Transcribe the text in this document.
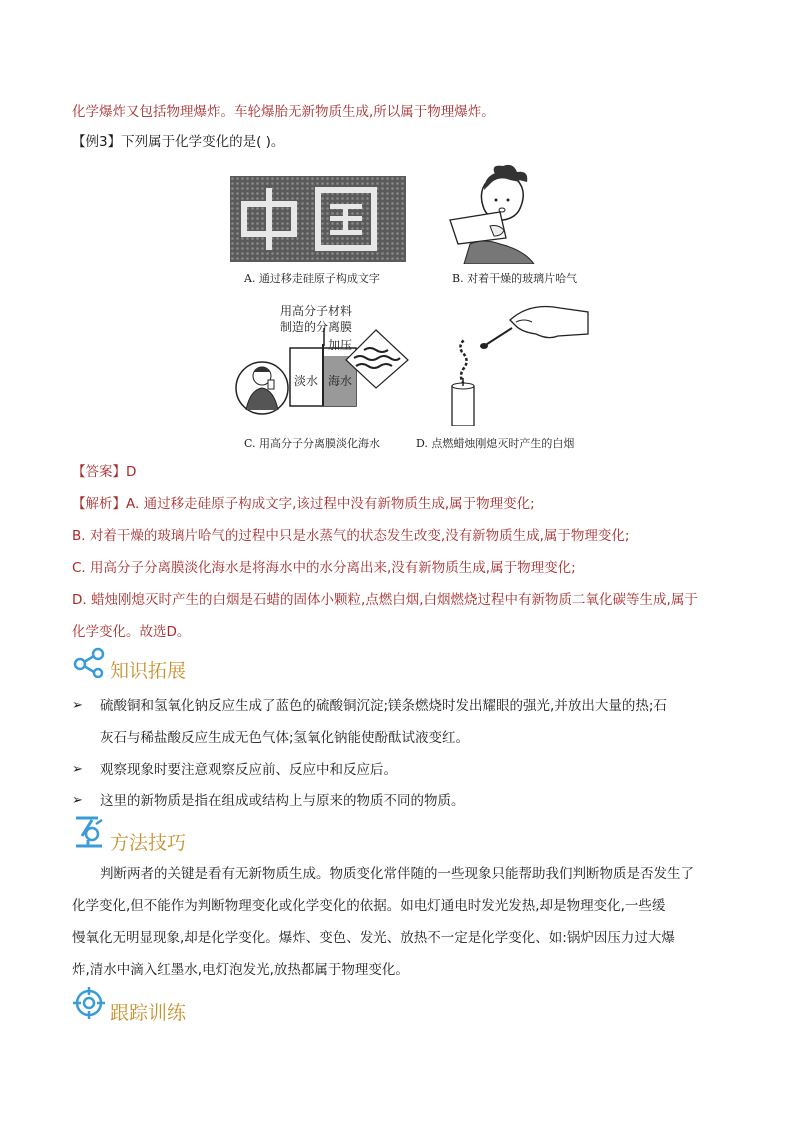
化学爆炸又包括物理爆炸。车轮爆胎无新物质生成,所以属于物理爆炸。
【例3】下列属于化学变化的是( )。
A. 通过移走硅原子构成文字	B. 对着干燥的玻璃片哈气
用高分子材料
制造的分离膜
加压
淡水 海水
C. 用高分子分离膜淡化海水	D. 点燃蜡烛刚熄灭时产生的白烟
【答案】D
【解析】A. 通过移走硅原子构成文字,该过程中没有新物质生成,属于物理变化;
B. 对着干燥的玻璃片哈气的过程中只是水蒸气的状态发生改变,没有新物质生成,属于物理变化;
C. 用高分子分离膜淡化海水是将海水中的水分离出来,没有新物质生成,属于物理变化;
D. 蜡烛刚熄灭时产生的白烟是石蜡的固体小颗粒,点燃白烟,白烟燃烧过程中有新物质二氧化碳等生成,属于
化学变化。故选D。
知识拓展
➢ 硫酸铜和氢氧化钠反应生成了蓝色的硫酸铜沉淀;镁条燃烧时发出耀眼的强光,并放出大量的热;石
灰石与稀盐酸反应生成无色气体;氢氧化钠能使酚酞试液变红。
➢ 观察现象时要注意观察反应前、反应中和反应后。
➢ 这里的新物质是指在组成或结构上与原来的物质不同的物质。
方法技巧
判断两者的关键是看有无新物质生成。物质变化常伴随的一些现象只能帮助我们判断物质是否发生了
化学变化,但不能作为判断物理变化或化学变化的依据。如电灯通电时发光发热,却是物理变化,一些缓
慢氧化无明显现象,却是化学变化。爆炸、变色、发光、放热不一定是化学变化、如:锅炉因压力过大爆
炸,清水中滴入红墨水,电灯泡发光,放热都属于物理变化。
跟踪训练
